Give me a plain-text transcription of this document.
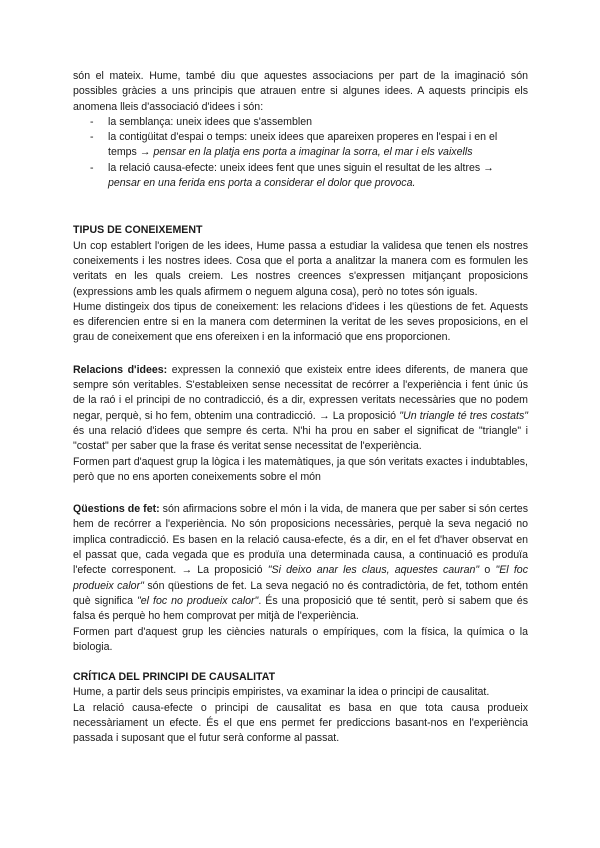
són el mateix. Hume, també diu que aquestes associacions per part de la imaginació són possibles gràcies a uns principis que atrauen entre si algunes idees. A aquests principis els anomena lleis d'associació d'idees i són:

- la semblança: uneix idees que s'assemblen
- la contigüitat d'espai o temps: uneix idees que apareixen properes en l'espai i en el temps → pensar en la platja ens porta a imaginar la sorra, el mar i els vaixells
- la relació causa-efecte: uneix idees fent que unes siguin el resultat de les altres → pensar en una ferida ens porta a considerar el dolor que provoca.
TIPUS DE CONEIXEMENT

Un cop establert l'origen de les idees, Hume passa a estudiar la validesa que tenen els nostres coneixements i les nostres idees. Cosa que el porta a analitzar la manera com es formulen les veritats en les quals creiem. Les nostres creences s'expressen mitjançant proposicions (expressions amb les quals afirmem o neguem alguna cosa), però no totes són iguals.

Hume distingeix dos tipus de coneixement: les relacions d'idees i les qüestions de fet. Aquests es diferencien entre si en la manera com determinen la veritat de les seves proposicions, en el grau de coneixement que ens ofereixen i en la informació que ens proporcionen.

Relacions d'idees: expressen la connexió que existeix entre idees diferents, de manera que sempre són veritables. S'estableixen sense necessitat de recórrer a l'experiència i fent únic ús de la raó i el principi de no contradicció, és a dir, expressen veritats necessàries que no podem negar, perquè, si ho fem, obtenim una contradicció. → La proposició "Un triangle té tres costats" és una relació d'idees que sempre és certa. N'hi ha prou en saber el significat de "triangle" i "costat" per saber que la frase és veritat sense necessitat de l'experiència.

Formen part d'aquest grup la lògica i les matemàtiques, ja que són veritats exactes i indubtables, però que no ens aporten coneixements sobre el món

Qüestions de fet: són afirmacions sobre el món i la vida, de manera que per saber si són certes hem de recórrer a l'experiència. No són proposicions necessàries, perquè la seva negació no implica contradicció. Es basen en la relació causa-efecte, és a dir, en el fet d'haver observat en el passat que, cada vegada que es produïa una determinada causa, a continuació es produïa l'efecte corresponent. → La proposició "Si deixo anar les claus, aquestes cauran" o "El foc produeix calor" són qüestions de fet. La seva negació no és contradictòria, de fet, tothom entén què significa "el foc no produeix calor". És una proposició que té sentit, però si sabem que és falsa és perquè ho hem comprovat per mitjà de l'experiència.

Formen part d'aquest grup les ciències naturals o empíriques, com la física, la química o la biologia.

CRÍTICA DEL PRINCIPI DE CAUSALITAT

Hume, a partir dels seus principis empiristes, va examinar la idea o principi de causalitat.

La relació causa-efecte o principi de causalitat es basa en que tota causa produeix necessàriament un efecte. És el que ens permet fer prediccions basant-nos en l'experiència passada i suposant que el futur serà conforme al passat.
